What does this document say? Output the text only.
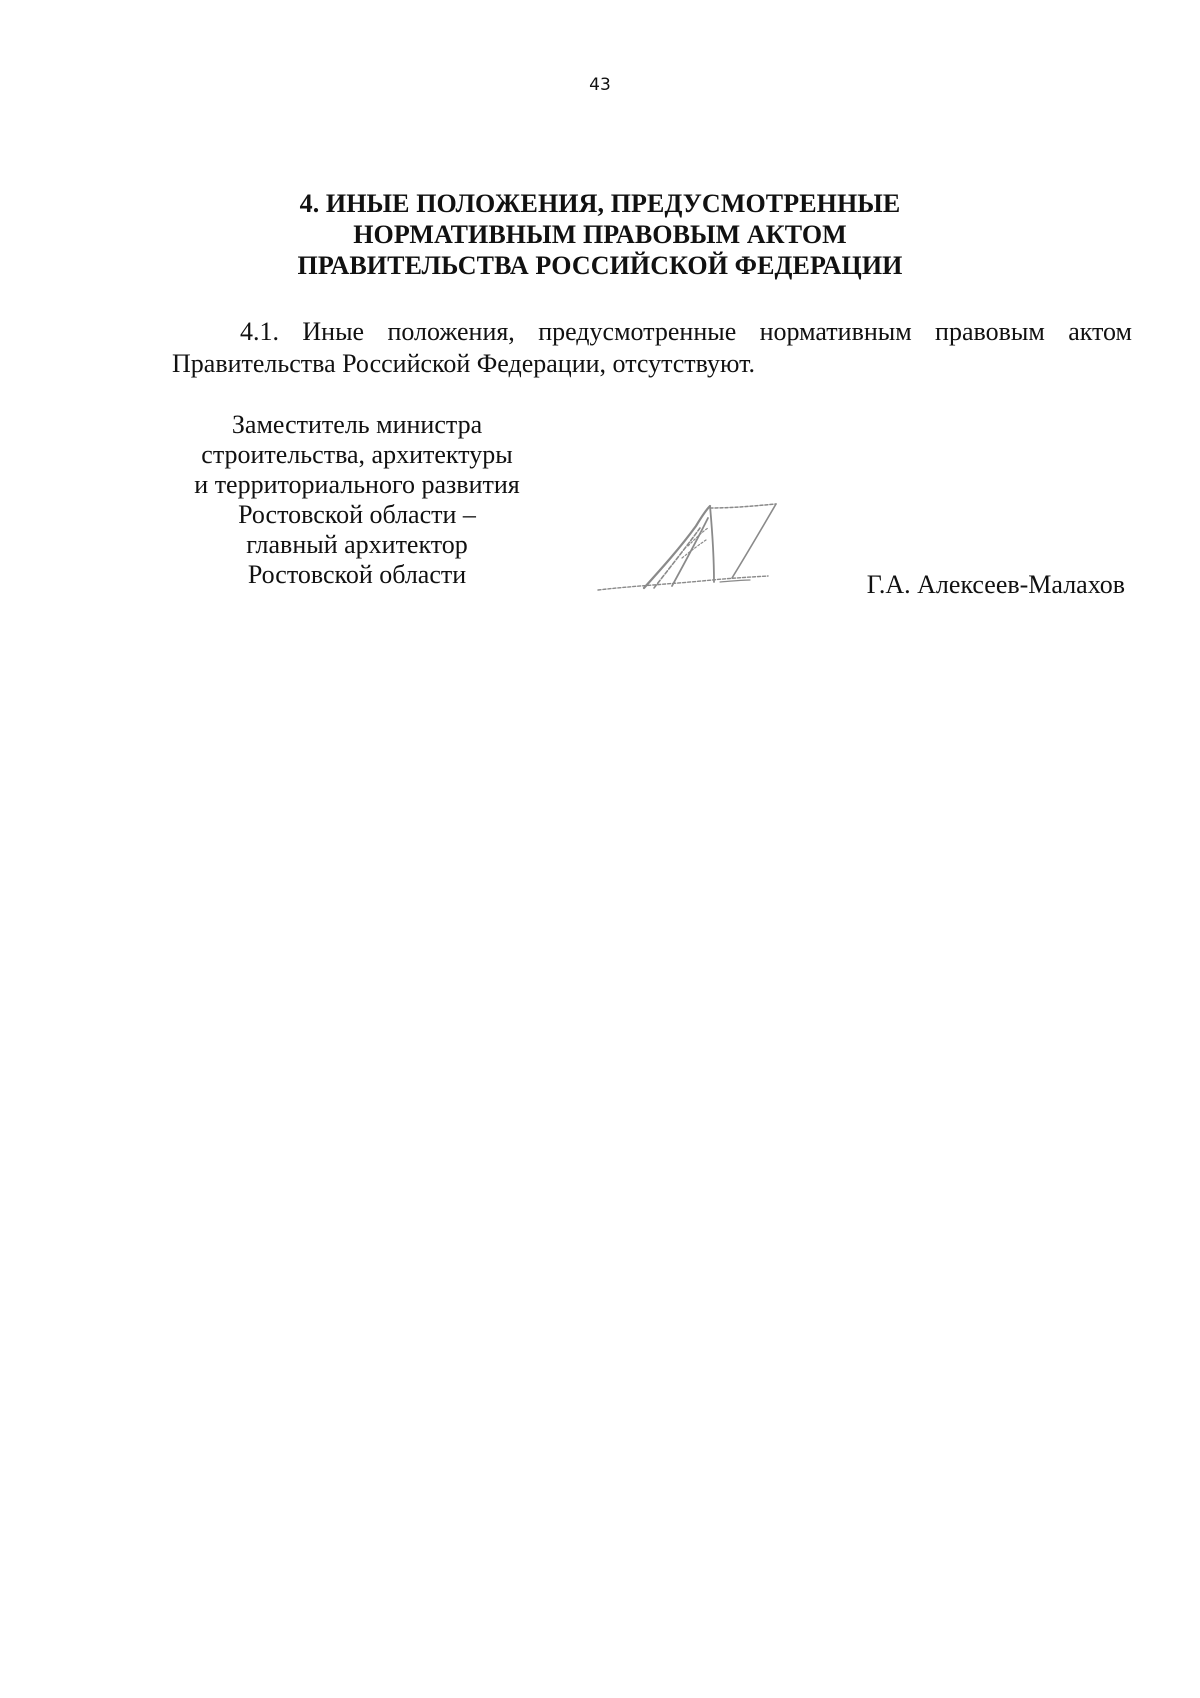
43
4. ИНЫЕ ПОЛОЖЕНИЯ, ПРЕДУСМОТРЕННЫЕ
НОРМАТИВНЫМ ПРАВОВЫМ АКТОМ
ПРАВИТЕЛЬСТВА РОССИЙСКОЙ ФЕДЕРАЦИИ

4.1. Иные положения, предусмотренные нормативным правовым актом Правительства Российской Федерации, отсутствуют.

Заместитель министра
строительства, архитектуры
и территориального развития
Ростовской области –
главный архитектор
Ростовской области	Г.А. Алексеев-Малахов
